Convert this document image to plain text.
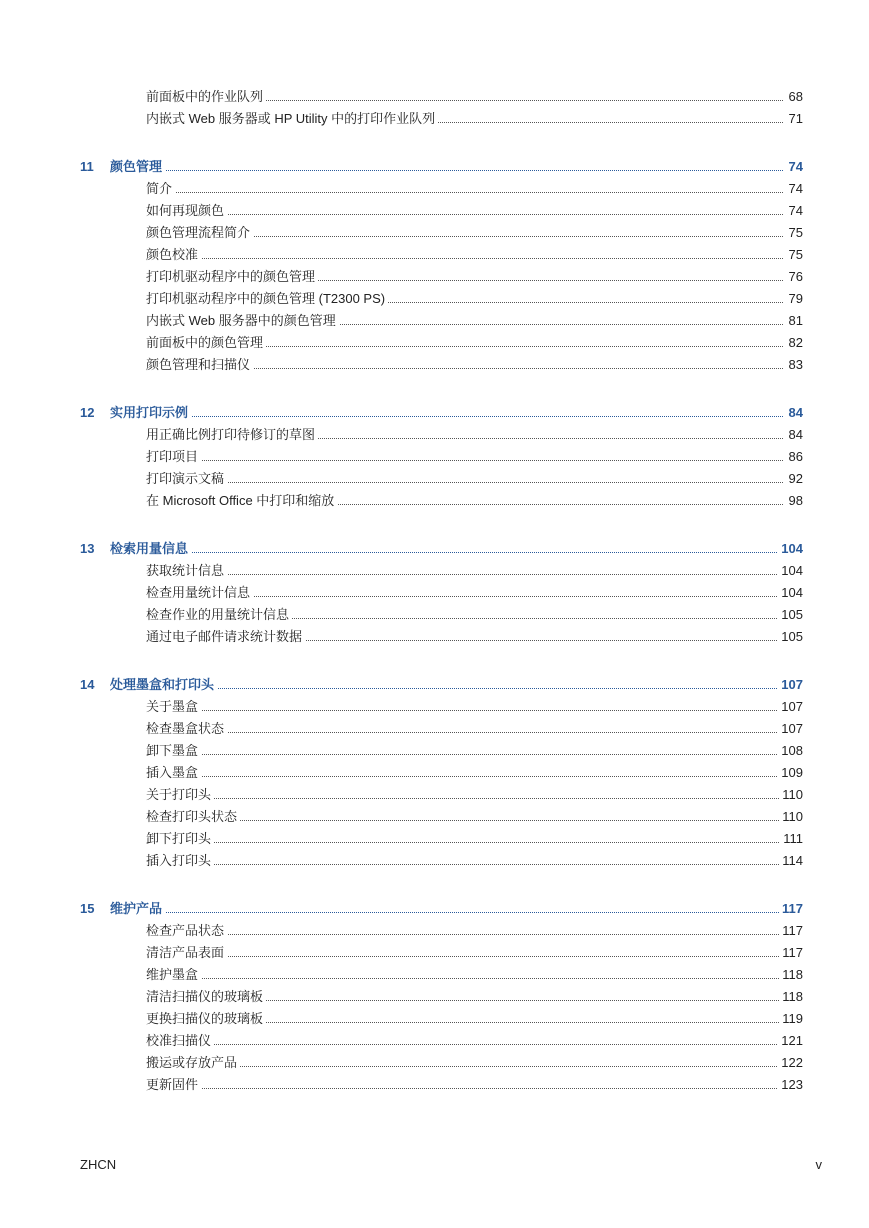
前面板中的作业队列	68
内嵌式 Web 服务器或 HP Utility 中的打印作业队列	71
11 颜色管理	74
简介	74
如何再现颜色	74
颜色管理流程简介	75
颜色校准	75
打印机驱动程序中的颜色管理	76
打印机驱动程序中的颜色管理 (T2300 PS)	79
内嵌式 Web 服务器中的颜色管理	81
前面板中的颜色管理	82
颜色管理和扫描仪	83
12 实用打印示例	84
用正确比例打印待修订的草图	84
打印项目	86
打印演示文稿	92
在 Microsoft Office 中打印和缩放	98
13 检索用量信息	104
获取统计信息	104
检查用量统计信息	104
检查作业的用量统计信息	105
通过电子邮件请求统计数据	105
14 处理墨盒和打印头	107
关于墨盒	107
检查墨盒状态	107
卸下墨盒	108
插入墨盒	109
关于打印头	110
检查打印头状态	110
卸下打印头	111
插入打印头	114
15 维护产品	117
检查产品状态	117
清洁产品表面	117
维护墨盒	118
清洁扫描仪的玻璃板	118
更换扫描仪的玻璃板	119
校准扫描仪	121
搬运或存放产品	122
更新固件	123
ZHCN	v
